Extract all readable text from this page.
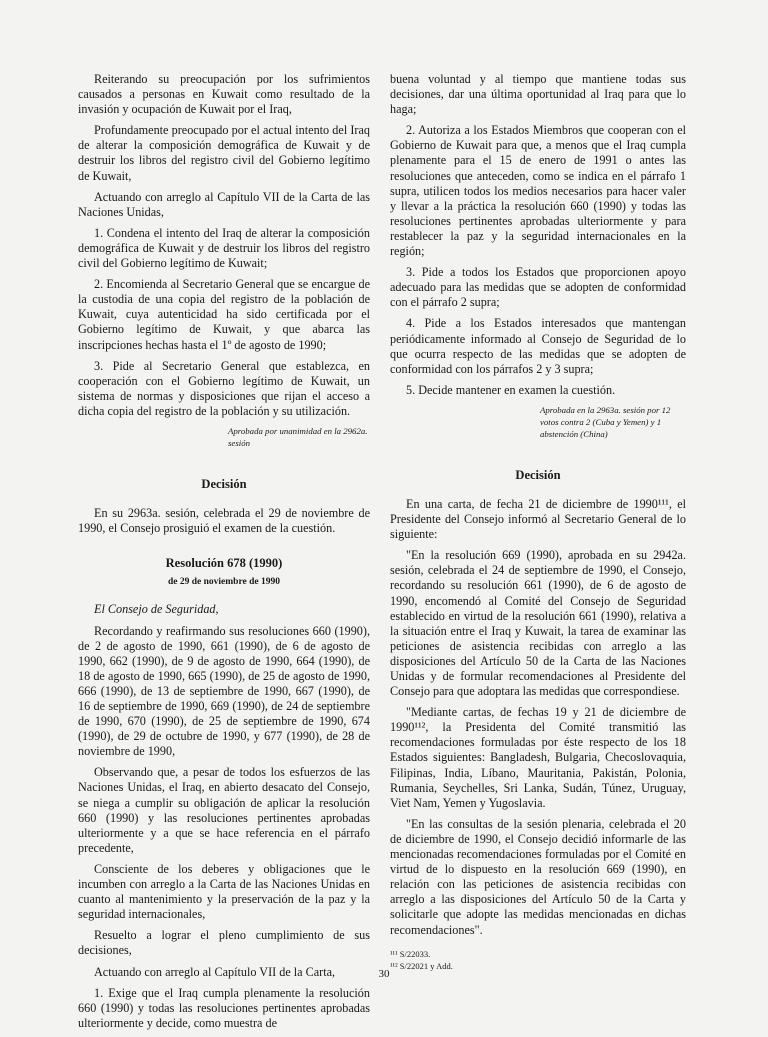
Reiterando su preocupación por los sufrimientos causados a personas en Kuwait como resultado de la invasión y ocupación de Kuwait por el Iraq,

Profundamente preocupado por el actual intento del Iraq de alterar la composición demográfica de Kuwait y de destruir los libros del registro civil del Gobierno legítimo de Kuwait,

Actuando con arreglo al Capítulo VII de la Carta de las Naciones Unidas,

1. Condena el intento del Iraq de alterar la composición demográfica de Kuwait y de destruir los libros del registro civil del Gobierno legítimo de Kuwait;

2. Encomienda al Secretario General que se encargue de la custodia de una copia del registro de la población de Kuwait, cuya autenticidad ha sido certificada por el Gobierno legítimo de Kuwait, y que abarca las inscripciones hechas hasta el 1º de agosto de 1990;

3. Pide al Secretario General que establezca, en cooperación con el Gobierno legítimo de Kuwait, un sistema de normas y disposiciones que rijan el acceso a dicha copia del registro de la población y su utilización.

Aprobada por unanimidad en la 2962a. sesión

Decisión

En su 2963a. sesión, celebrada el 29 de noviembre de 1990, el Consejo prosiguió el examen de la cuestión.

Resolución 678 (1990)

de 29 de noviembre de 1990

El Consejo de Seguridad,

Recordando y reafirmando sus resoluciones 660 (1990), de 2 de agosto de 1990, 661 (1990), de 6 de agosto de 1990, 662 (1990), de 9 de agosto de 1990, 664 (1990), de 18 de agosto de 1990, 665 (1990), de 25 de agosto de 1990, 666 (1990), de 13 de septiembre de 1990, 667 (1990), de 16 de septiembre de 1990, 669 (1990), de 24 de septiembre de 1990, 670 (1990), de 25 de septiembre de 1990, 674 (1990), de 29 de octubre de 1990, y 677 (1990), de 28 de noviembre de 1990,

Observando que, a pesar de todos los esfuerzos de las Naciones Unidas, el Iraq, en abierto desacato del Consejo, se niega a cumplir su obligación de aplicar la resolución 660 (1990) y las resoluciones pertinentes aprobadas ulteriormente y a que se hace referencia en el párrafo precedente,

Consciente de los deberes y obligaciones que le incumben con arreglo a la Carta de las Naciones Unidas en cuanto al mantenimiento y la preservación de la paz y la seguridad internacionales,

Resuelto a lograr el pleno cumplimiento de sus decisiones,

Actuando con arreglo al Capítulo VII de la Carta,

1. Exige que el Iraq cumpla plenamente la resolución 660 (1990) y todas las resoluciones pertinentes aprobadas ulteriormente y decide, como muestra de

buena voluntad y al tiempo que mantiene todas sus decisiones, dar una última oportunidad al Iraq para que lo haga;

2. Autoriza a los Estados Miembros que cooperan con el Gobierno de Kuwait para que, a menos que el Iraq cumpla plenamente para el 15 de enero de 1991 o antes las resoluciones que anteceden, como se indica en el párrafo 1 supra, utilicen todos los medios necesarios para hacer valer y llevar a la práctica la resolución 660 (1990) y todas las resoluciones pertinentes aprobadas ulteriormente y para restablecer la paz y la seguridad internacionales en la región;

3. Pide a todos los Estados que proporcionen apoyo adecuado para las medidas que se adopten de conformidad con el párrafo 2 supra;

4. Pide a los Estados interesados que mantengan periódicamente informado al Consejo de Seguridad de lo que ocurra respecto de las medidas que se adopten de conformidad con los párrafos 2 y 3 supra;

5. Decide mantener en examen la cuestión.

Aprobada en la 2963a. sesión por 12 votos contra 2 (Cuba y Yemen) y 1 abstención (China)

Decisión

En una carta, de fecha 21 de diciembre de 1990¹¹¹, el Presidente del Consejo informó al Secretario General de lo siguiente:

"En la resolución 669 (1990), aprobada en su 2942a. sesión, celebrada el 24 de septiembre de 1990, el Consejo, recordando su resolución 661 (1990), de 6 de agosto de 1990, encomendó al Comité del Consejo de Seguridad establecido en virtud de la resolución 661 (1990), relativa a la situación entre el Iraq y Kuwait, la tarea de examinar las peticiones de asistencia recibidas con arreglo a las disposiciones del Artículo 50 de la Carta de las Naciones Unidas y de formular recomendaciones al Presidente del Consejo para que adoptara las medidas que correspondiese.

"Mediante cartas, de fechas 19 y 21 de diciembre de 1990¹¹², la Presidenta del Comité transmitió las recomendaciones formuladas por éste respecto de los 18 Estados siguientes: Bangladesh, Bulgaria, Checoslovaquia, Filipinas, India, Líbano, Mauritania, Pakistán, Polonia, Rumania, Seychelles, Sri Lanka, Sudán, Túnez, Uruguay, Viet Nam, Yemen y Yugoslavia.

"En las consultas de la sesión plenaria, celebrada el 20 de diciembre de 1990, el Consejo decidió informarle de las mencionadas recomendaciones formuladas por el Comité en virtud de lo dispuesto en la resolución 669 (1990), en relación con las peticiones de asistencia recibidas con arreglo a las disposiciones del Artículo 50 de la Carta y solicitarle que adopte las medidas mencionadas en dichas recomendaciones".

¹¹¹ S/22033.

¹¹² S/22021 y Add.

30
